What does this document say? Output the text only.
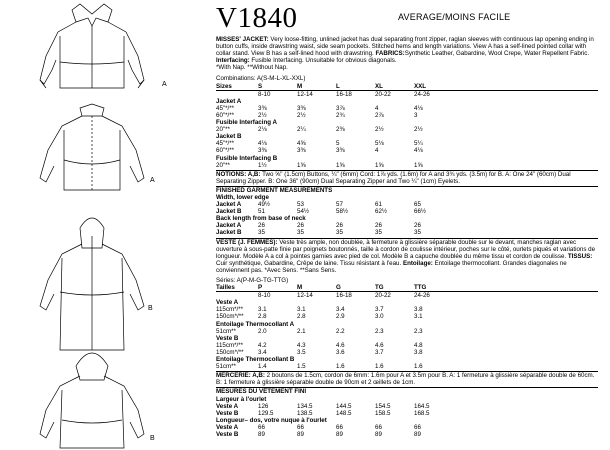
A
A
B
B
V1840	AVERAGE/MOINS FACILE

MISSES' JACKET: Very loose-fitting, unlined jacket has dual separating front zipper, raglan sleeves with continuous lap opening ending in button cuffs, inside drawstring waist, side seam pockets. Stitched hems and length variations. View A has a self-lined pointed collar with collar stand. View B has a self-lined hood with drawstring. FABRICS:Synthetic Leather, Gabardine, Wool Crepe, Water Repellent Fabric. Interfacing: Fusible Interfacing. Unsuitable for obvious diagonals.
*With Nap. **Without Nap.

Combinations: A(S-M-L-XL-XXL)

Sizes	S	M	L	XL	XXL
8-10	12-14	16-18	20-22	24-26
Jacket A
45"*/**	3⅜	3⅜	3⅞	4	4⅛
60"*/**	2½	2½	2¾	2⅞	3
Fusible Interfacing A
20"**	2⅛	2¼	2⅜	2½	2½
Jacket B
45"*/**	4⅛	4⅝	5	5⅛	5¼
60"*/**	3⅜	3⅜	3⅜	4	4⅛
Fusible Interfacing B
20"**	1½	1⅝	1⅝	1⅝	1⅝

NOTIONS: A,B: Two ⅝" (1.5cm) Buttons, ¼" (6mm) Cord: 1⅞ yds. (1.6m) for A and 3¾ yds. (3.5m) for B. A: One 24" (60cm) Dual Separating Zipper. B: One 36" (90cm) Dual Separating Zipper and Two ¼" (1cm) Eyelets.

FINISHED GARMENT MEASUREMENTS
Width, lower edge
Jacket A	49½	53	57	61	65
Jacket B	51	54½	58½	62½	66½
Back length from base of neck
Jacket A	26	26	26	26	26
Jacket B	35	35	35	35	35

VESTE (J. FEMMES): Veste très ample, non doublée, à fermeture à glissière séparable double sur le devant, manches raglan avec ouverture à sous-patte finie par poignets boutonnés, taille à cordon de coulisse intérieur, poches sur le côté, ourlets piqués et variations de longueur. Modèle A a col à pointes garnies avec pied de col. Modèle B a capuche doublée du même tissu et cordon de coulisse. TISSUS: Cuir synthétique, Gabardine, Crêpe de laine. Tissu résistant à l'eau. Entoilage: Entoilage thermocollant. Grandes diagonales ne conviennent pas. *Avec Sens. **Sans Sens.

Séries: A(P-M-G-TG-TTG)

Tailles	P	M	G	TG	TTG
8-10	12-14	16-18	20-22	24-26
Veste A
115cm*/**	3.1	3.1	3.4	3.7	3.8
150cm*/**	2.8	2.8	2.9	3.0	3.1
Entoilage Thermocollant A
51cm**	2.0	2.1	2.2	2.3	2.3
Veste B
115cm*/**	4.2	4.3	4.6	4.6	4.8
150cm*/**	3.4	3.5	3.6	3.7	3.8
Entoilage Thermocollant B
51cm**	1.4	1.5	1.6	1.6	1.6

MERCERIE: A,B: 2 boutons de 1.5cm, cordon de 6mm: 1.6m pour A et 3.5m pour B. A: 1 fermeture à glissière séparable double de 60cm. B: 1 fermeture à glissière séparable double de 90cm et 2 œillets de 1cm.

MESURES DU VÊTEMENT FINI
Largeur à l'ourlet
Veste A	126	134.5	144.5	154.5	164.5
Veste B	129.5	138.5	148.5	158.5	168.5
Longueur– dos, votre nuque à l'ourlet
Veste A	66	66	66	66	66
Veste B	89	89	89	89	89
